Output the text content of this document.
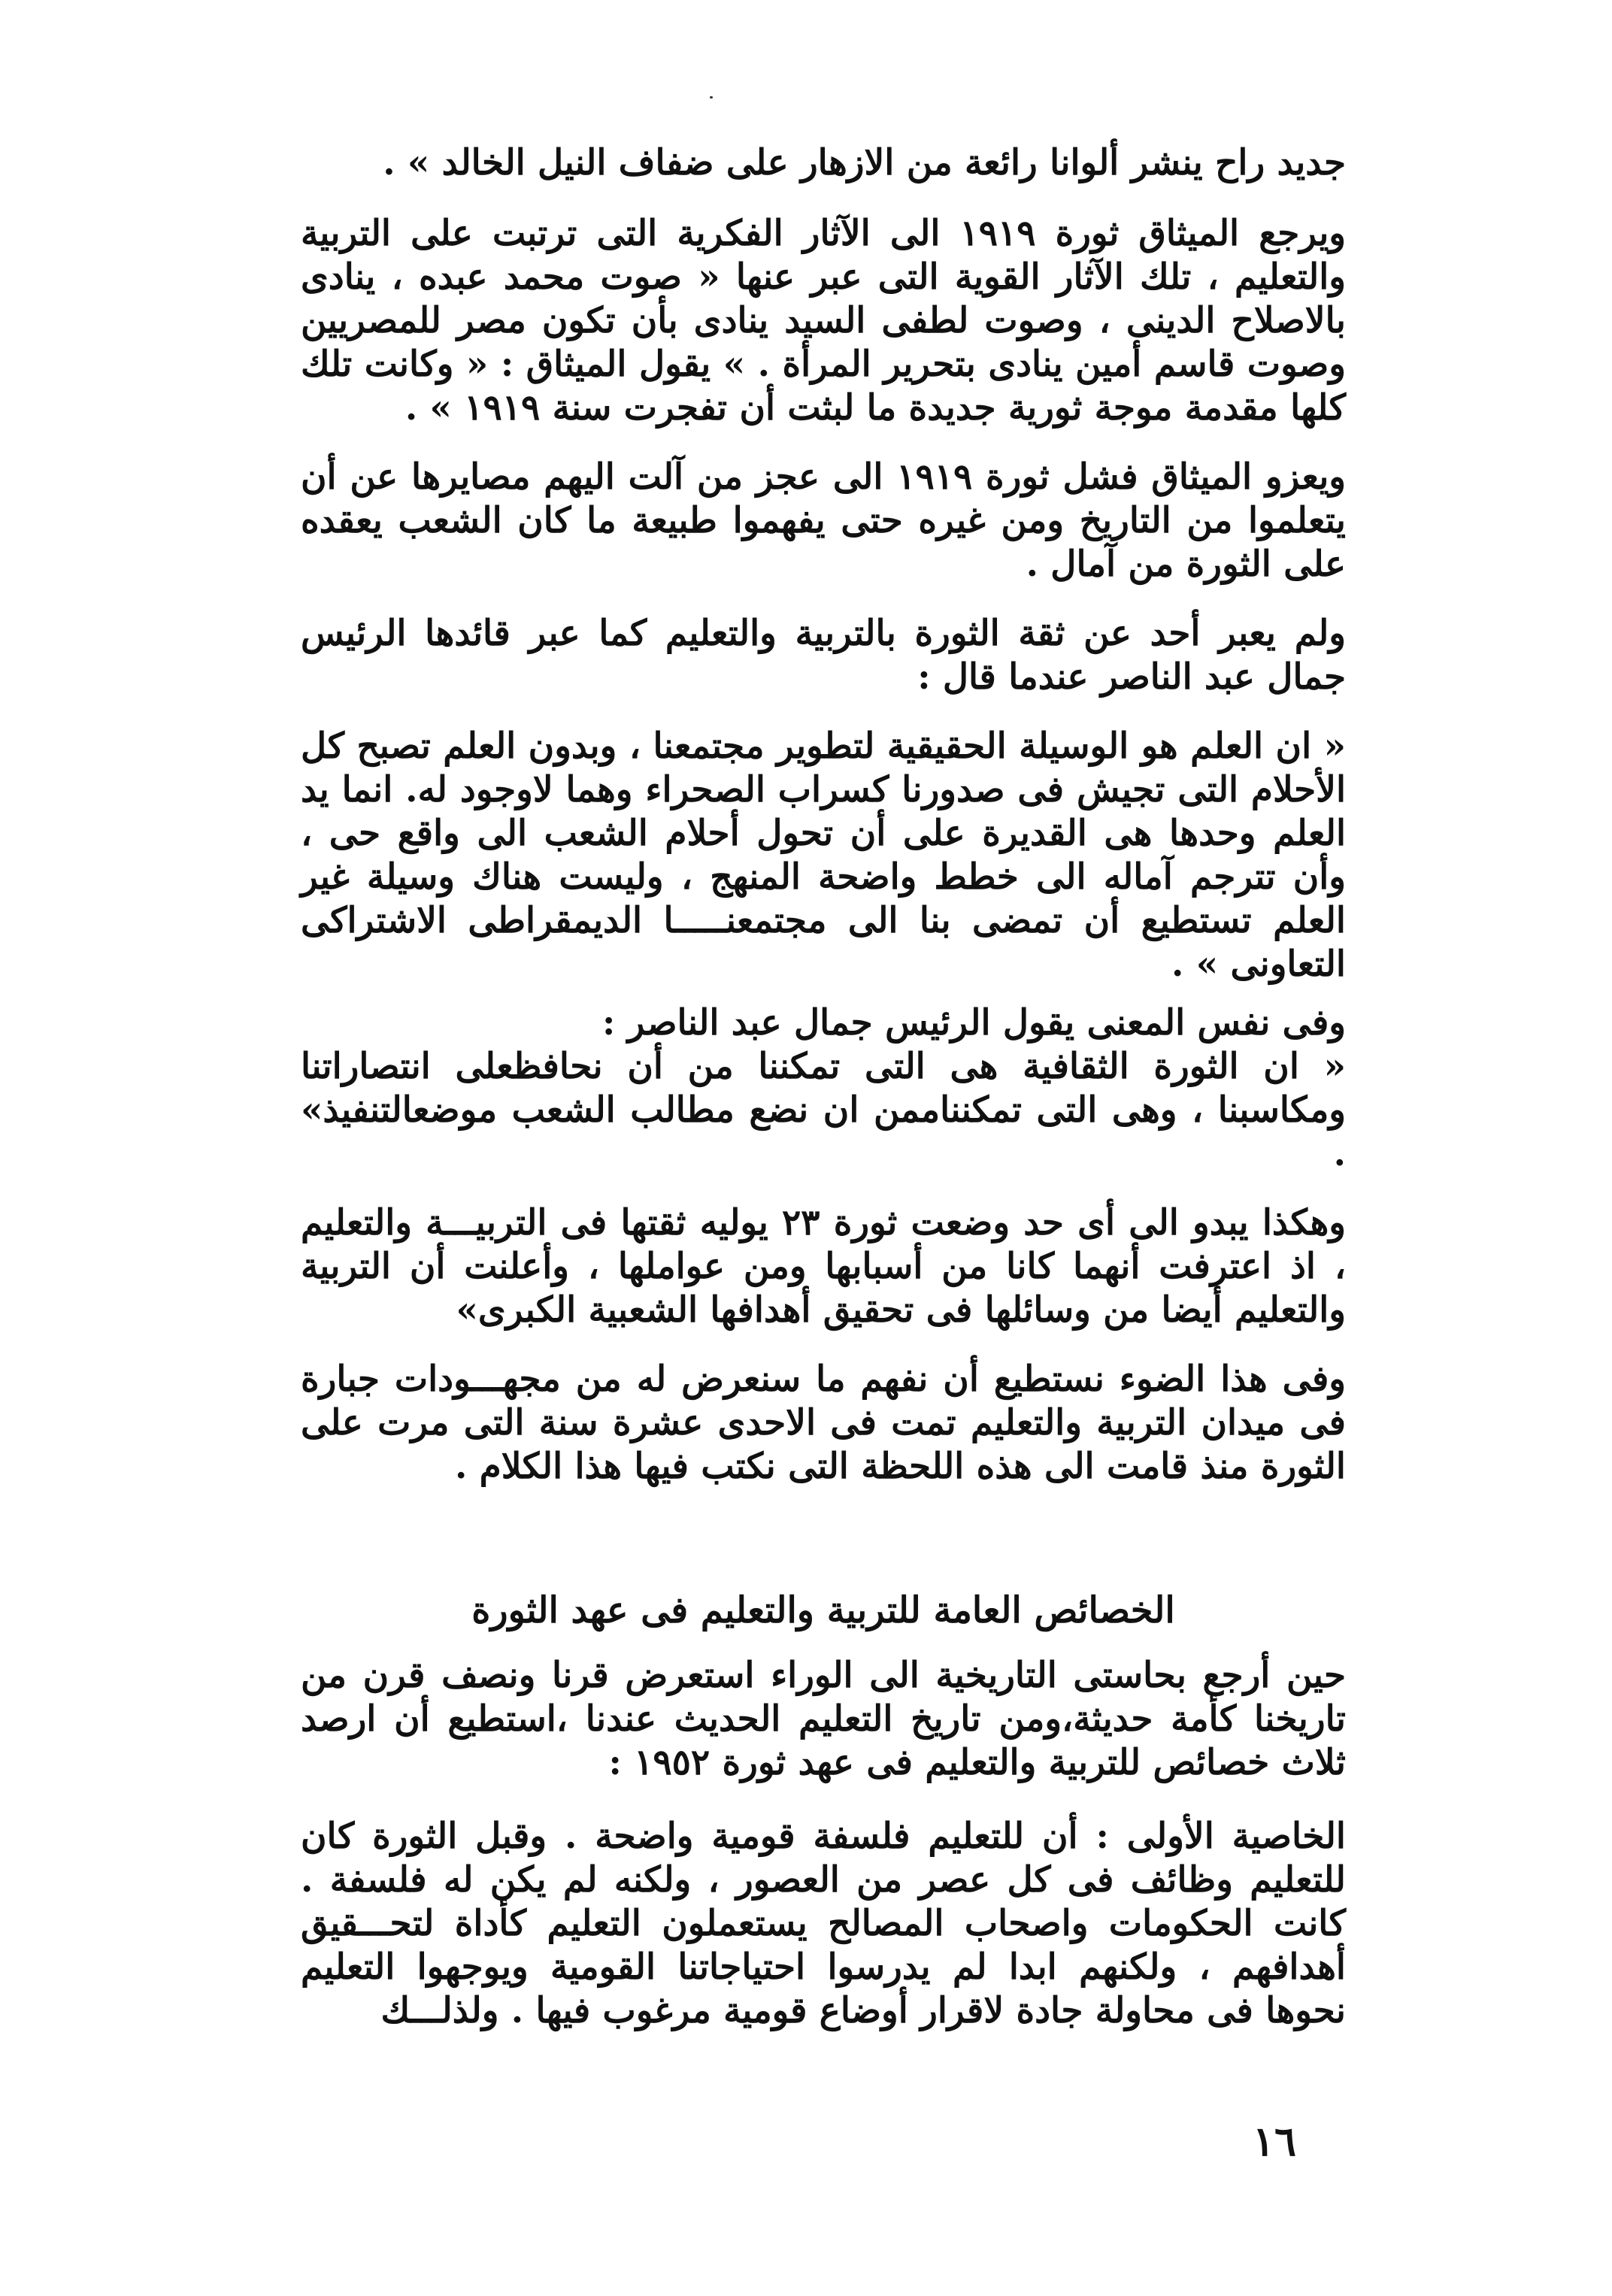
جديد راح ينشر ألوانا رائعة من الازهار على ضفاف النيل الخالد » .

ويرجع الميثاق ثورة ١٩١٩ الى الآثار الفكرية التى ترتبت على التربية والتعليم ، تلك الآثار القوية التى عبر عنها « صوت محمد عبده ، ينادى بالاصلاح الدينى ، وصوت لطفى السيد ينادى بأن تكون مصر للمصريين وصوت قاسم أمين ينادى بتحرير المرأة . » يقول الميثاق : « وكانت تلك كلها مقدمة موجة ثورية جديدة ما لبثت أن تفجرت سنة ١٩١٩ » .

ويعزو الميثاق فشل ثورة ١٩١٩ الى عجز من آلت اليهم مصايرها عن أن يتعلموا من التاريخ ومن غيره حتى يفهموا طبيعة ما كان الشعب يعقده على الثورة من آمال .

ولم يعبر أحد عن ثقة الثورة بالتربية والتعليم كما عبر قائدها الرئيس جمال عبد الناصر عندما قال :

« ان العلم هو الوسيلة الحقيقية لتطوير مجتمعنا ، وبدون العلم تصبح كل الأحلام التى تجيش فى صدورنا كسراب الصحراء وهما لاوجود له. انما يد العلم وحدها هى القديرة على أن تحول أحلام الشعب الى واقع حى ، وأن تترجم آماله الى خطط واضحة المنهج ، وليست هناك وسيلة غير العلم تستطيع أن تمضى بنا الى مجتمعنـــــا الديمقراطى الاشتراكى التعاونى » .

وفى نفس المعنى يقول الرئيس جمال عبد الناصر :

« ان الثورة الثقافية هى التى تمكننا من أن نحافظعلى انتصاراتنا ومكاسبنا ، وهى التى تمكنناممن ان نضع مطالب الشعب موضعالتنفيذ» .

وهكذا يبدو الى أى حد وضعت ثورة ٢٣ يوليه ثقتها فى التربيـــة والتعليم ، اذ اعترفت أنهما كانا من أسبابها ومن عواملها ، وأعلنت أن التربية والتعليم أيضا من وسائلها فى تحقيق أهدافها الشعبية الكبرى»

وفى هذا الضوء نستطيع أن نفهم ما سنعرض له من مجهـــودات جبارة فى ميدان التربية والتعليم تمت فى الاحدى عشرة سنة التى مرت على الثورة منذ قامت الى هذه اللحظة التى نكتب فيها هذا الكلام .

الخصائص العامة للتربية والتعليم فى عهد الثورة

حين أرجع بحاستى التاريخية الى الوراء استعرض قرنا ونصف قرن من تاريخنا كأمة حديثة،ومن تاريخ التعليم الحديث عندنا ،استطيع أن ارصد ثلاث خصائص للتربية والتعليم فى عهد ثورة ١٩٥٢ :

الخاصية الأولى : أن للتعليم فلسفة قومية واضحة . وقبل الثورة كان للتعليم وظائف فى كل عصر من العصور ، ولكنه لم يكن له فلسفة . كانت الحكومات واصحاب المصالح يستعملون التعليم كأداة لتحـــقيق أهدافهم ، ولكنهم ابدا لم يدرسوا احتياجاتنا القومية ويوجهوا التعليم نحوها فى محاولة جادة لاقرار أوضاع قومية مرغوب فيها . ولذلـــك

١٦
